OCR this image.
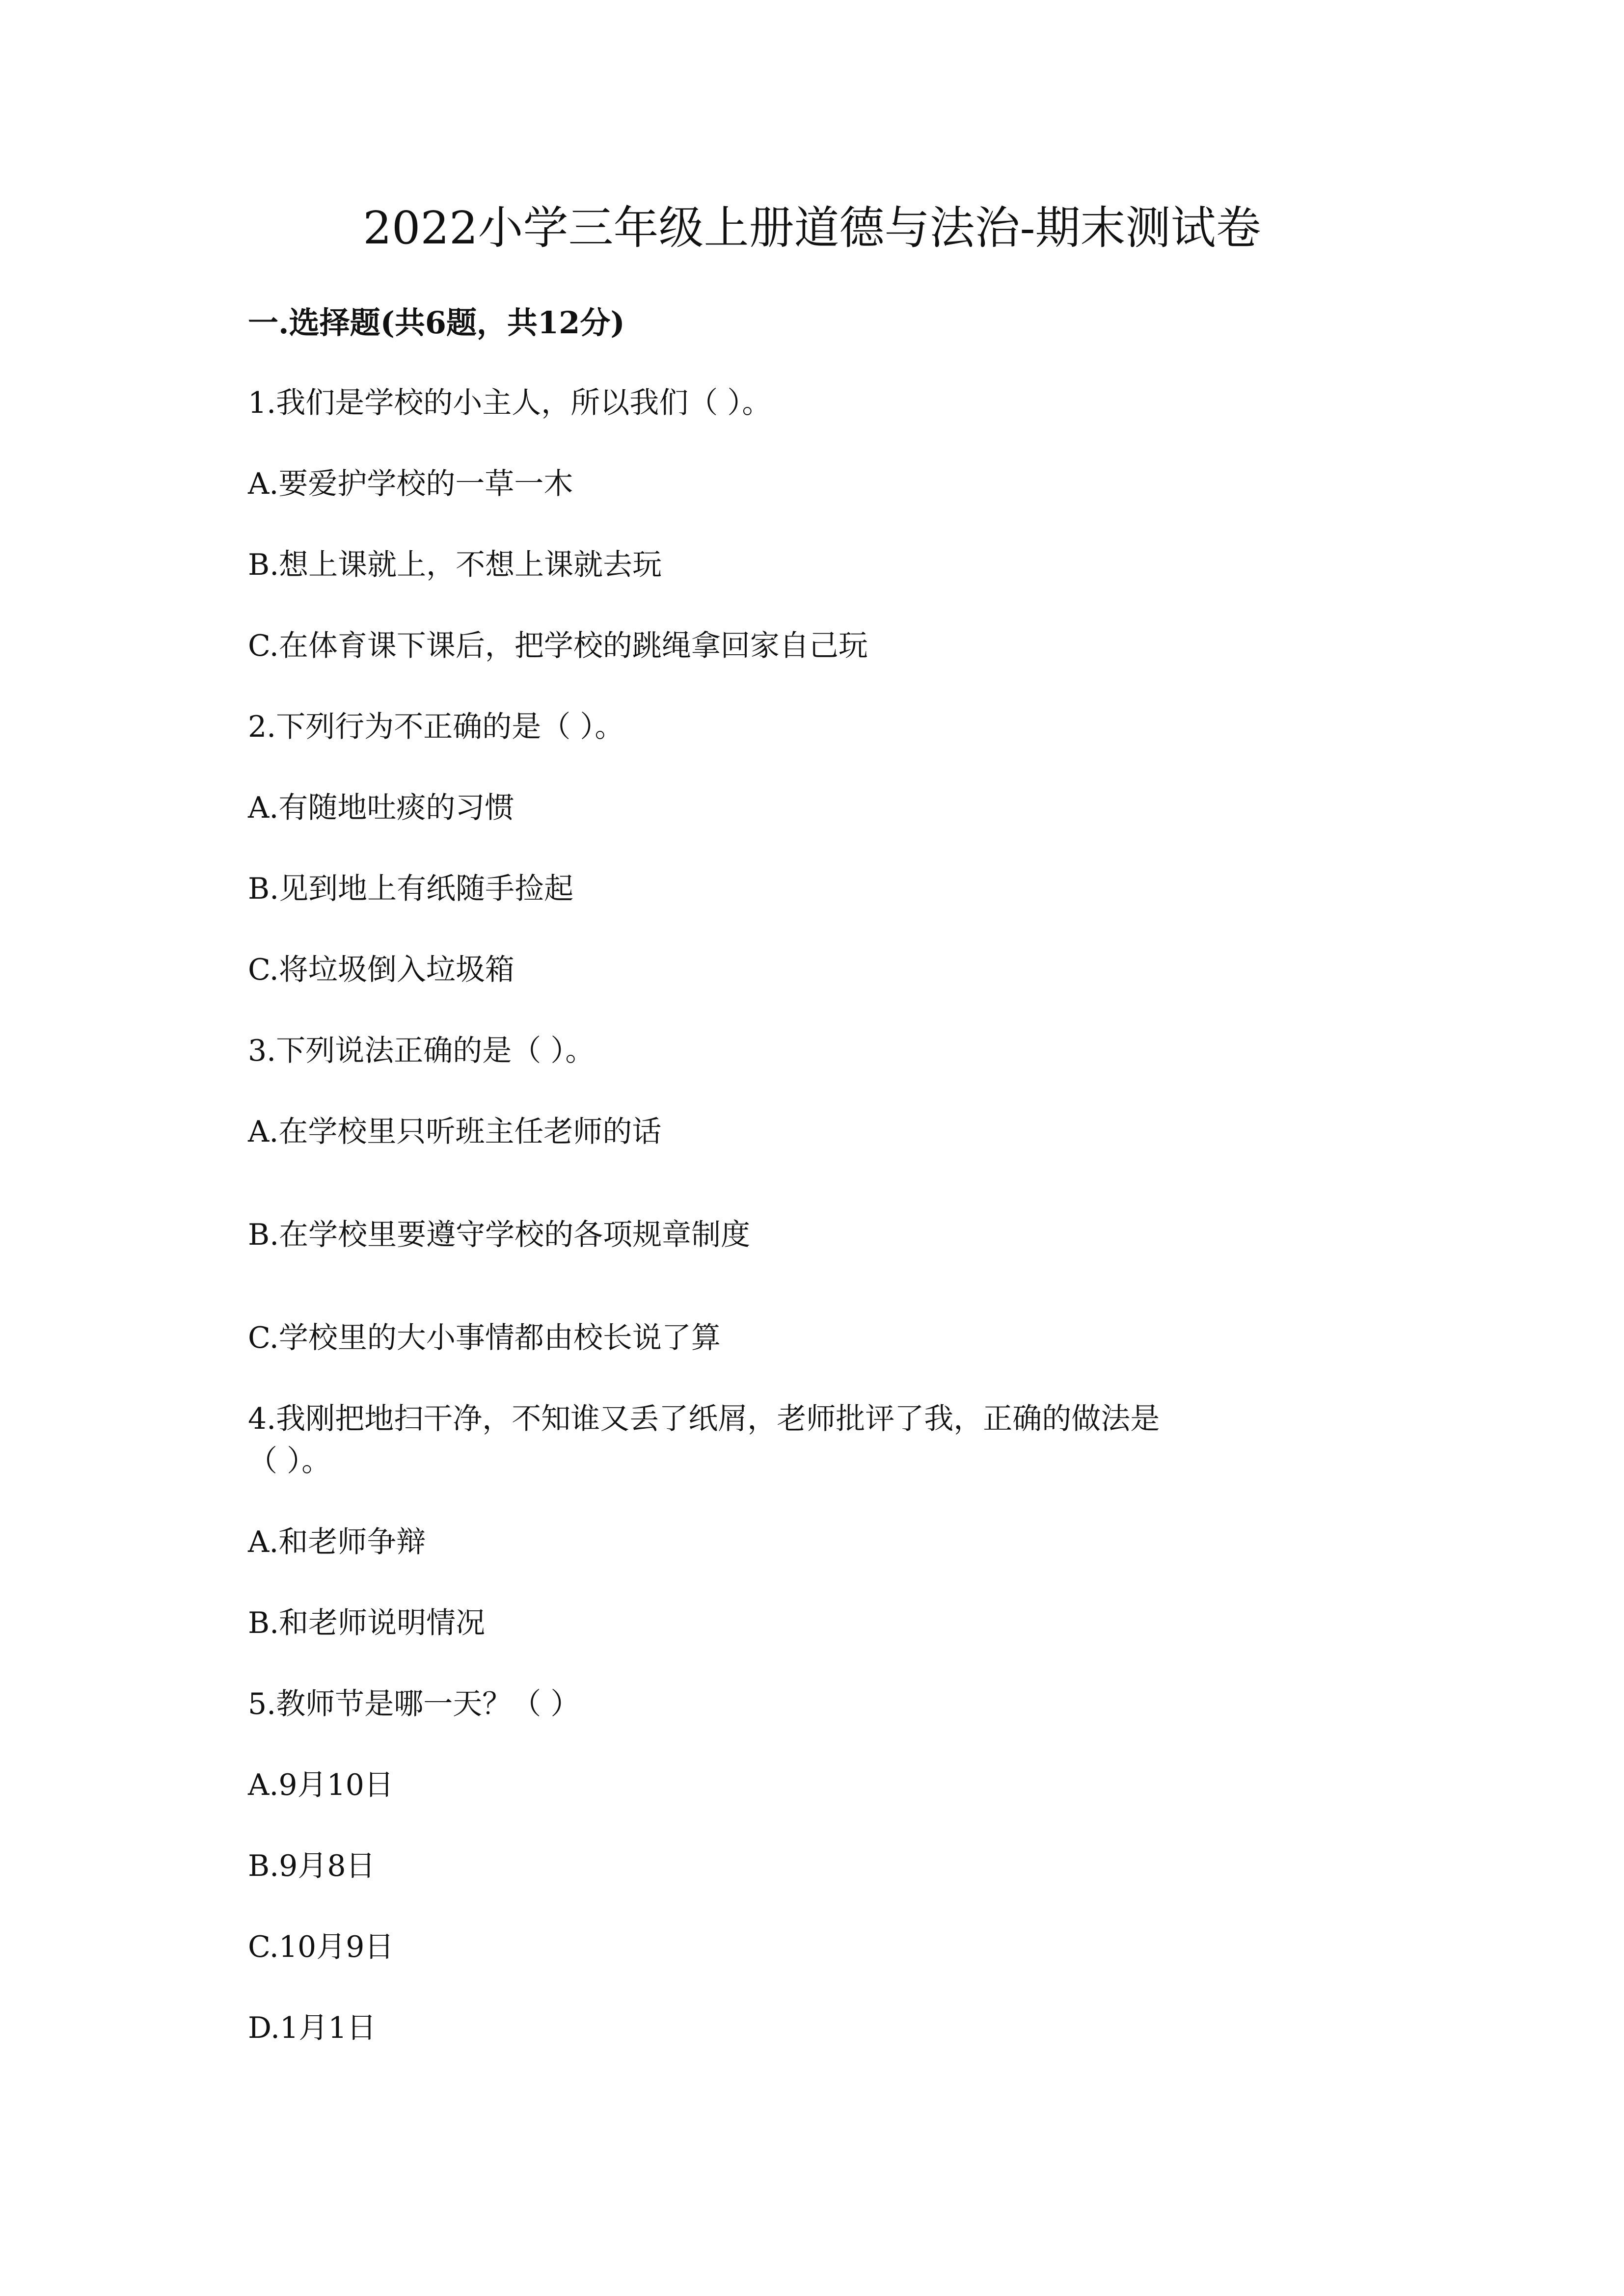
2022小学三年级上册道德与法治-期末测试卷
一.选择题(共6题，共12分)
1.我们是学校的小主人，所以我们（ ）。
A.要爱护学校的一草一木
B.想上课就上，不想上课就去玩
C.在体育课下课后，把学校的跳绳拿回家自己玩
2.下列行为不正确的是（ ）。
A.有随地吐痰的习惯
B.见到地上有纸随手捡起
C.将垃圾倒入垃圾箱
3.下列说法正确的是（ ）。
A.在学校里只听班主任老师的话
B.在学校里要遵守学校的各项规章制度
C.学校里的大小事情都由校长说了算
4.我刚把地扫干净，不知谁又丢了纸屑，老师批评了我，正确的做法是
（ ）。
A.和老师争辩
B.和老师说明情况
5.教师节是哪一天？（ ）
A.9月10日
B.9月8日
C.10月9日
D.1月1日
